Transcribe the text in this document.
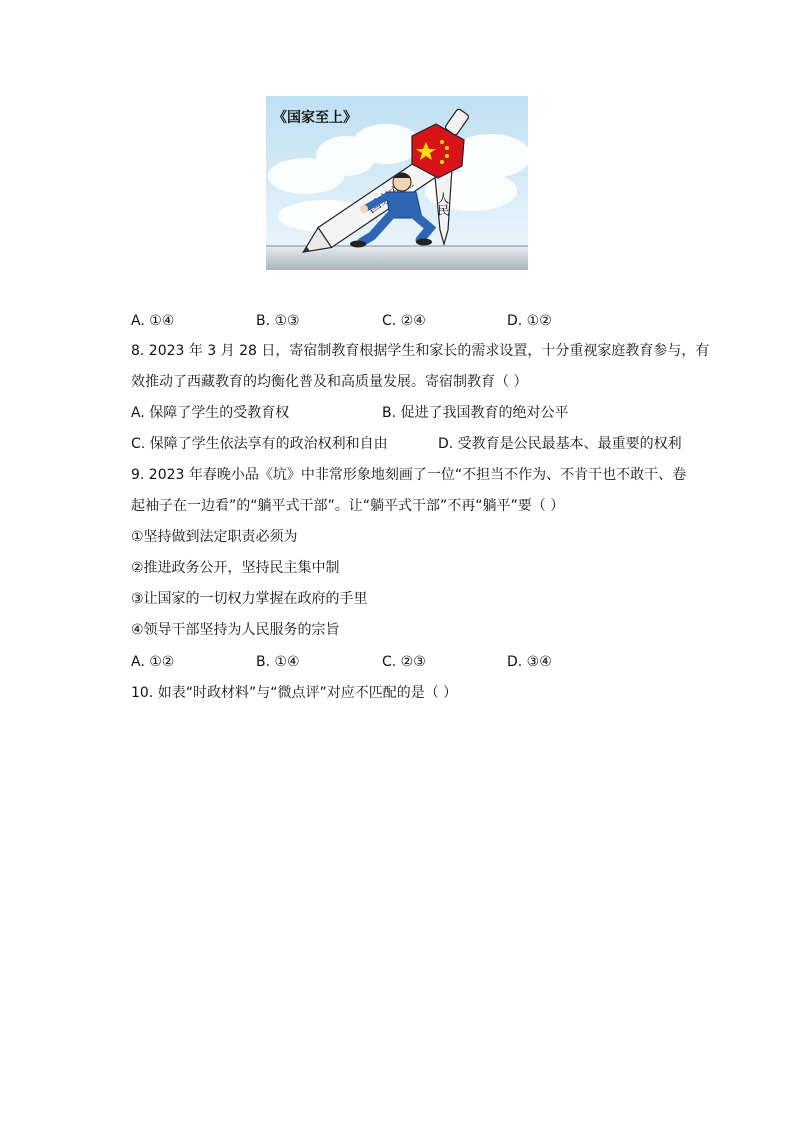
《国家至上》
人民
A. ①④	B. ①③	C. ②④	D. ①②
8. 2023 年 3 月 28 日，寄宿制教育根据学生和家长的需求设置，十分重视家庭教育参与，有
效推动了西藏教育的均衡化普及和高质量发展。寄宿制教育（ ）
A. 保障了学生的受教育权	B. 促进了我国教育的绝对公平
C. 保障了学生依法享有的政治权利和自由	D. 受教育是公民最基本、最重要的权利
9. 2023 年春晚小品《坑》中非常形象地刻画了一位“不担当不作为、不肯干也不敢干、卷
起袖子在一边看”的“躺平式干部”。让“躺平式干部”不再“躺平”要（ ）
①坚持做到法定职责必须为
②推进政务公开，坚持民主集中制
③让国家的一切权力掌握在政府的手里
④领导干部坚持为人民服务的宗旨
A. ①②	B. ①④	C. ②③	D. ③④
10. 如表“时政材料”与“微点评”对应不匹配的是（ ）
